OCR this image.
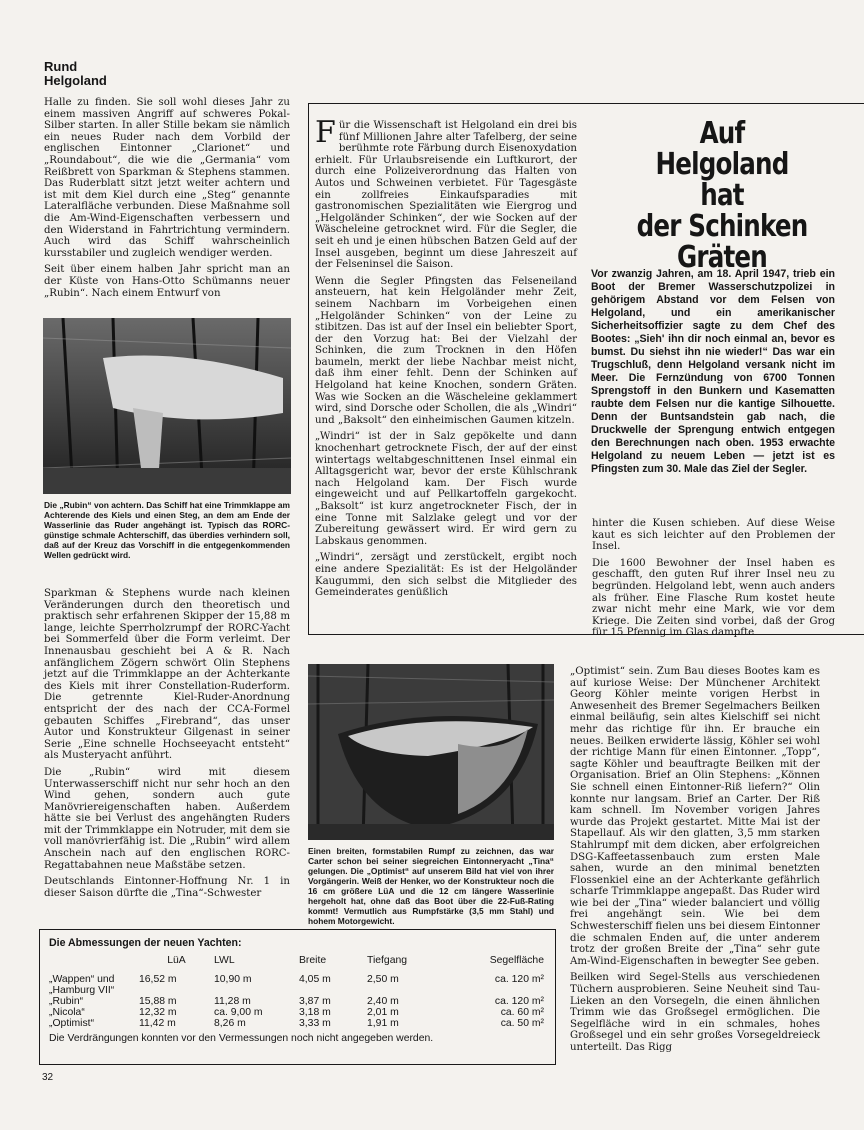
Rund
Helgoland

Halle zu finden. Sie soll wohl dieses Jahr zu einem massiven Angriff auf schweres Pokal-Silber starten. In aller Stille bekam sie nämlich ein neues Ruder nach dem Vorbild der englischen Eintonner „Clarionet“ und „Roundabout“, die wie die „Germania“ vom Reißbrett von Sparkman & Stephens stammen. Das Ruderblatt sitzt jetzt weiter achtern und ist mit dem Kiel durch eine „Steg“ genannte Lateralfläche verbunden. Diese Maßnahme soll die Am-Wind-Eigenschaften verbessern und den Widerstand in Fahrtrichtung vermindern. Auch wird das Schiff wahrscheinlich kursstabiler und zugleich wendiger werden.

Seit über einem halben Jahr spricht man an der Küste von Hans-Otto Schümanns neuer „Rubin“. Nach einem Entwurf von

Die „Rubin“ von achtern. Das Schiff hat eine Trimmklappe am Achterende des Kiels und einen Steg, an dem am Ende der Wasserlinie das Ruder angehängt ist. Typisch das RORC-günstige schmale Achterschiff, das überdies verhindern soll, daß auf der Kreuz das Vorschiff in die entgegenkommenden Wellen gedrückt wird.

Sparkman & Stephens wurde nach kleinen Veränderungen durch den theoretisch und praktisch sehr erfahrenen Skipper der 15,88 m lange, leichte Sperrholzrumpf der RORC-Yacht bei Sommerfeld über die Form verleimt. Der Innenausbau geschieht bei A & R. Nach anfänglichem Zögern schwört Olin Stephens jetzt auf die Trimmklappe an der Achterkante des Kiels mit ihrer Constellation-Ruderform. Die getrennte Kiel-Ruder-Anordnung entspricht der des nach der CCA-Formel gebauten Schiffes „Firebrand“, das unser Autor und Konstrukteur Gilgenast in seiner Serie „Eine schnelle Hochseeyacht entsteht“ als Musteryacht anführt.

Die „Rubin“ wird mit diesem Unterwasserschiff nicht nur sehr hoch an den Wind gehen, sondern auch gute Manövriereigenschaften haben. Außerdem hätte sie bei Verlust des angehängten Ruders mit der Trimmklappe ein Notruder, mit dem sie voll manövrierfähig ist. Die „Rubin“ wird allem Anschein nach auf den englischen RORC-Regattabahnen neue Maßstäbe setzen.

Deutschlands Eintonner-Hoffnung Nr. 1 in dieser Saison dürfte die „Tina“-Schwester

Für die Wissenschaft ist Helgoland ein drei bis fünf Millionen Jahre alter Tafelberg, der seine berühmte rote Färbung durch Eisenoxydation erhielt. Für Urlaubsreisende ein Luftkurort, der durch eine Polizeiverordnung das Halten von Autos und Schweinen verbietet. Für Tagesgäste ein zollfreies Einkaufsparadies mit gastronomischen Spezialitäten wie Eiergrog und „Helgoländer Schinken“, der wie Socken auf der Wäscheleine getrocknet wird. Für die Segler, die seit eh und je einen hübschen Batzen Geld auf der Insel ausgeben, beginnt um diese Jahreszeit auf der Felseninsel die Saison.

Wenn die Segler Pfingsten das Felseneiland ansteuern, hat kein Helgoländer mehr Zeit, seinem Nachbarn im Vorbeigehen einen „Helgoländer Schinken“ von der Leine zu stibitzen. Das ist auf der Insel ein beliebter Sport, der den Vorzug hat: Bei der Vielzahl der Schinken, die zum Trocknen in den Höfen baumeln, merkt der liebe Nachbar meist nicht, daß ihm einer fehlt. Denn der Schinken auf Helgoland hat keine Knochen, sondern Gräten. Was wie Socken an die Wäscheleine geklammert wird, sind Dorsche oder Schollen, die als „Windri“ und „Baksolt“ den einheimischen Gaumen kitzeln.

„Windri“ ist der in Salz gepökelte und dann knochenhart getrocknete Fisch, der auf der einst wintertags weltabgeschnittenen Insel einmal ein Alltagsgericht war, bevor der erste Kühlschrank nach Helgoland kam. Der Fisch wurde eingeweicht und auf Pellkartoffeln gargekocht. „Baksolt“ ist kurz angetrockneter Fisch, der in eine Tonne mit Salzlake gelegt und vor der Zubereitung gewässert wird. Er wird gern zu Labskaus genommen.

„Windri“, zersägt und zerstückelt, ergibt noch eine andere Spezialität: Es ist der Helgoländer Kaugummi, den sich selbst die Mitglieder des Gemeinderates genüßlich

Auf
Helgoland
hat
der Schinken
Gräten
Vor zwanzig Jahren, am 18. April 1947, trieb ein Boot der Bremer Wasserschutzpolizei in gehörigem Abstand vor dem Felsen von Helgoland, und ein amerikanischer Sicherheitsoffizier sagte zu dem Chef des Bootes: „Sieh' ihn dir noch einmal an, bevor es bumst. Du siehst ihn nie wieder!“ Das war ein Trugschluß, denn Helgoland versank nicht im Meer. Die Fernzündung von 6700 Tonnen Sprengstoff in den Bunkern und Kasematten raubte dem Felsen nur die kantige Silhouette. Denn der Buntsandstein gab nach, die Druckwelle der Sprengung entwich entgegen den Berechnungen nach oben. 1953 erwachte Helgoland zu neuem Leben — jetzt ist es Pfingsten zum 30. Male das Ziel der Segler.

hinter die Kusen schieben. Auf diese Weise kaut es sich leichter auf den Problemen der Insel.

Die 1600 Bewohner der Insel haben es geschafft, den guten Ruf ihrer Insel neu zu begründen. Helgoland lebt, wenn auch anders als früher. Eine Flasche Rum kostet heute zwar nicht mehr eine Mark, wie vor dem Kriege. Die Zeiten sind vorbei, daß der Grog für 15 Pfennig im Glas dampfte

Einen breiten, formstabilen Rumpf zu zeichnen, das war Carter schon bei seiner siegreichen Eintonneryacht „Tina“ gelungen. Die „Optimist“ auf unserem Bild hat viel von ihrer Vorgängerin. Weiß der Henker, wo der Konstrukteur noch die 16 cm größere LüA und die 12 cm längere Wasserlinie hergeholt hat, ohne daß das Boot über die 22-Fuß-Rating kommt! Vermutlich aus Rumpfstärke (3,5 mm Stahl) und hohem Motorgewicht.

„Optimist“ sein. Zum Bau dieses Bootes kam es auf kuriose Weise: Der Münchener Architekt Georg Köhler meinte vorigen Herbst in Anwesenheit des Bremer Segelmachers Beilken einmal beiläufig, sein altes Kielschiff sei nicht mehr das richtige für ihn. Er brauche ein neues. Beilken erwiderte lässig, Köhler sei wohl der richtige Mann für einen Eintonner. „Topp“, sagte Köhler und beauftragte Beilken mit der Organisation. Brief an Olin Stephens: „Können Sie schnell einen Eintonner-Riß liefern?“ Olin konnte nur langsam. Brief an Carter. Der Riß kam schnell. Im November vorigen Jahres wurde das Projekt gestartet. Mitte Mai ist der Stapellauf. Als wir den glatten, 3,5 mm starken Stahlrumpf mit dem dicken, aber erfolgreichen DSG-Kaffeetassenbauch zum ersten Male sahen, wurde an den minimal benetzten Flossenkiel eine an der Achterkante gefährlich scharfe Trimmklappe angepaßt. Das Ruder wird wie bei der „Tina“ wieder balanciert und völlig frei angehängt sein. Wie bei dem Schwesterschiff fielen uns bei diesem Eintonner die schmalen Enden auf, die unter anderem trotz der großen Breite der „Tina“ sehr gute Am-Wind-Eigenschaften in bewegter See geben.

Beilken wird Segel-Stells aus verschiedenen Tüchern ausprobieren. Seine Neuheit sind Tau-Lieken an den Vorsegeln, die einen ähnlichen Trimm wie das Großsegel ermöglichen. Die Segelfläche wird in ein schmales, hohes Großsegel und ein sehr großes Vorsegeldreieck unterteilt. Das Rigg

Die Abmessungen der neuen Yachten:
	LüA	LWL	Breite	Tiefgang	Segelfläche

„Wappen“ und
„Hamburg VII“	16,52 m	10,90 m	4,05 m	2,50 m	ca. 120 m²
„Rubin“	15,88 m	11,28 m	3,87 m	2,40 m	ca. 120 m²
„Nicola“	12,32 m	ca. 9,00 m	3,18 m	2,01 m	ca. 60 m²
„Optimist“	11,42 m	8,26 m	3,33 m	1,91 m	ca. 50 m²
Die Verdrängungen konnten vor den Vermessungen noch nicht angegeben werden.
32
